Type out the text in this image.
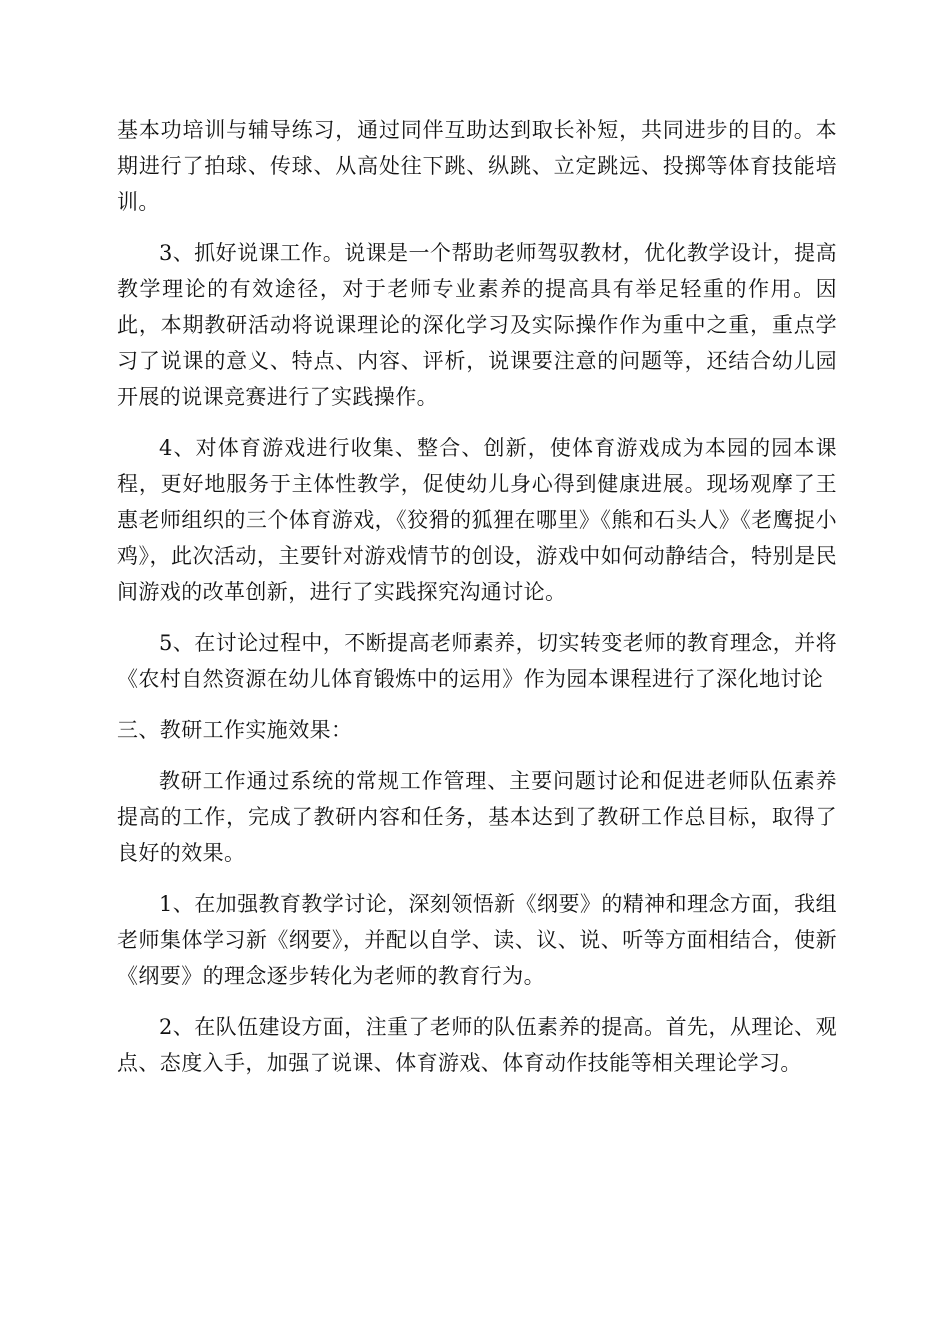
基本功培训与辅导练习，通过同伴互助达到取长补短，共同进步的目的。本期进行了拍球、传球、从高处往下跳、纵跳、立定跳远、投掷等体育技能培训。

3、抓好说课工作。说课是一个帮助老师驾驭教材，优化教学设计，提高教学理论的有效途径，对于老师专业素养的提高具有举足轻重的作用。因此，本期教研活动将说课理论的深化学习及实际操作作为重中之重，重点学习了说课的意义、特点、内容、评析，说课要注意的问题等，还结合幼儿园开展的说课竞赛进行了实践操作。

4、对体育游戏进行收集、整合、创新，使体育游戏成为本园的园本课程，更好地服务于主体性教学，促使幼儿身心得到健康进展。现场观摩了王惠老师组织的三个体育游戏，《狡猾的狐狸在哪里》《熊和石头人》《老鹰捉小鸡》，此次活动，主要针对游戏情节的创设，游戏中如何动静结合，特别是民间游戏的改革创新，进行了实践探究沟通讨论。

5、在讨论过程中，不断提高老师素养，切实转变老师的教育理念，并将《农村自然资源在幼儿体育锻炼中的运用》作为园本课程进行了深化地讨论

三、教研工作实施效果：

教研工作通过系统的常规工作管理、主要问题讨论和促进老师队伍素养提高的工作，完成了教研内容和任务，基本达到了教研工作总目标，取得了良好的效果。

1、在加强教育教学讨论，深刻领悟新《纲要》的精神和理念方面，我组老师集体学习新《纲要》，并配以自学、读、议、说、听等方面相结合，使新《纲要》的理念逐步转化为老师的教育行为。

2、在队伍建设方面，注重了老师的队伍素养的提高。首先，从理论、观点、态度入手，加强了说课、体育游戏、体育动作技能等相关理论学习。
